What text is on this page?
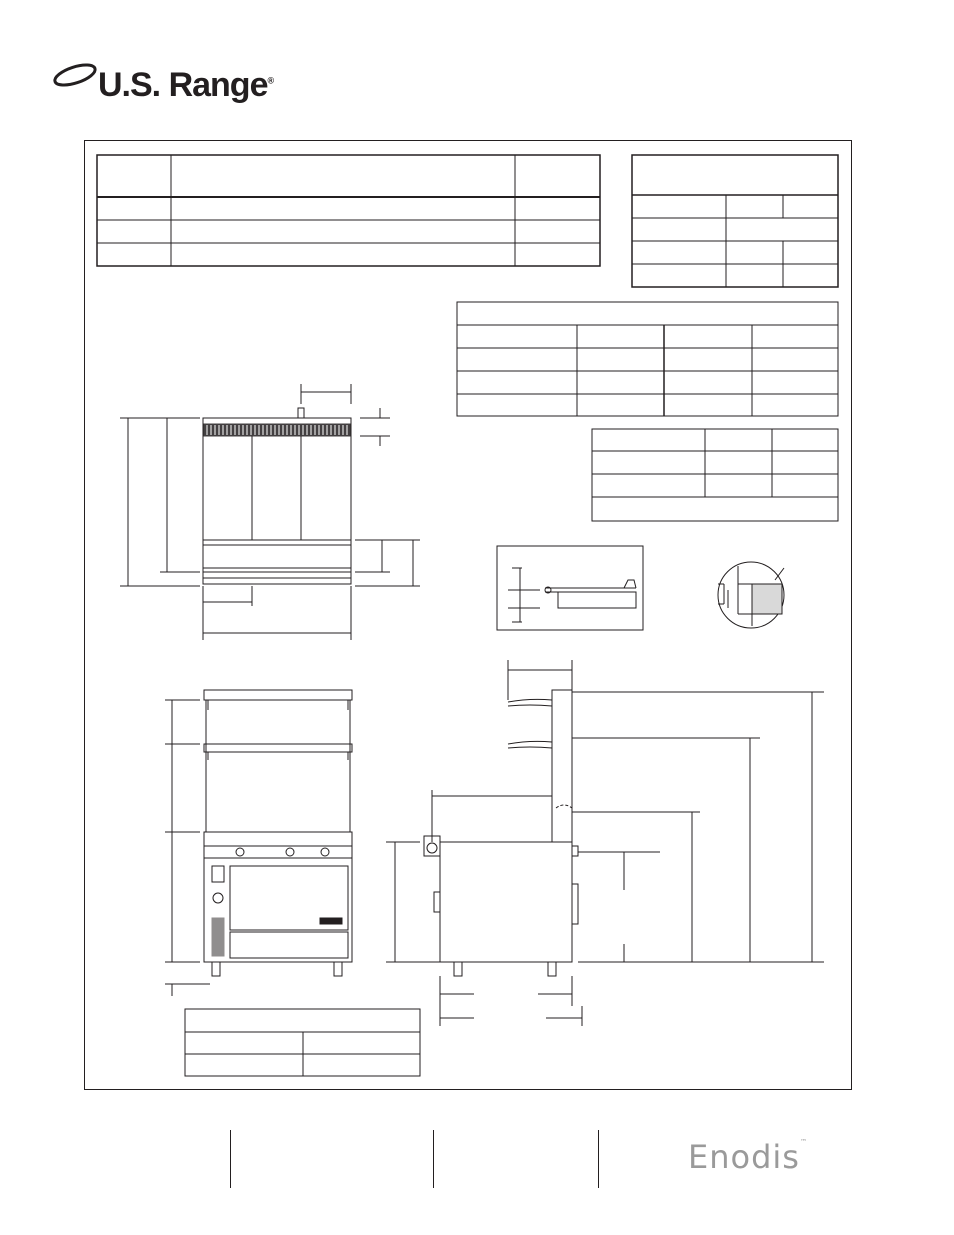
U.S. Range®
Enodis™
